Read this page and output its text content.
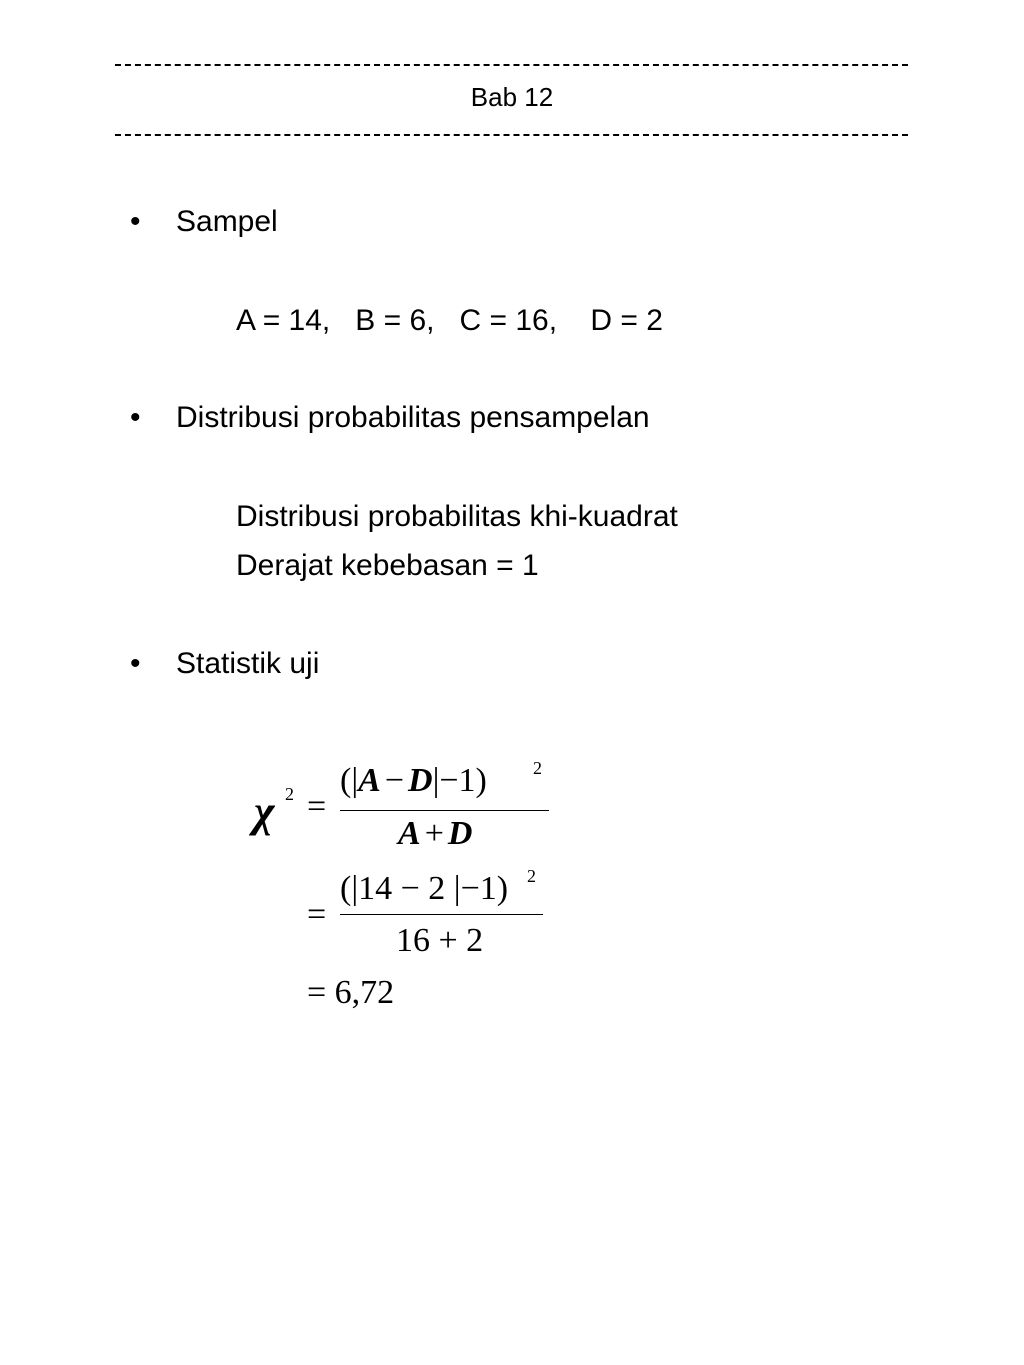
Bab 12
• Sampel
A = 14,   B = 6,   C = 16,    D = 2
• Distribusi probabilitas pensampelan
Distribusi probabilitas khi-kuadrat
Derajat kebebasan = 1
• Statistik uji
χ 2 =
(|A − D|−1)	2
A + D
=
(|14 − 2 |−1) 2
16 + 2
= 6,72
